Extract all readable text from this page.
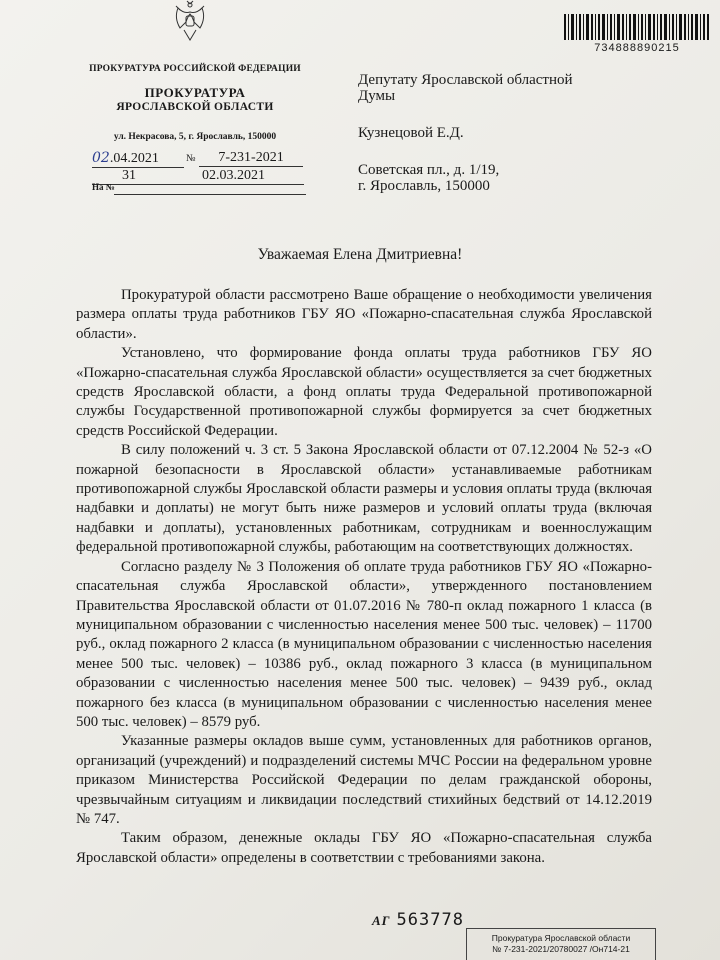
734888890215
ПРОКУРАТУРА РОССИЙСКОЙ ФЕДЕРАЦИИ
ПРОКУРАТУРА
ЯРОСЛАВСКОЙ ОБЛАСТИ
ул. Некрасова, 5, г. Ярославль, 150000
02.04.2021	№ 7-231-2021
31	02.03.2021
На №
Депутату Ярославской областной
Думы
Кузнецовой Е.Д.
Советская пл., д. 1/19,
г. Ярославль, 150000
Уважаемая Елена Дмитриевна!

Прокуратурой области рассмотрено Ваше обращение о необходимости увеличения размера оплаты труда работников ГБУ ЯО «Пожарно-спасательная служба Ярославской области».

Установлено, что формирование фонда оплаты труда работников ГБУ ЯО «Пожарно-спасательная служба Ярославской области» осуществляется за счет бюджетных средств Ярославской области, а фонд оплаты труда Федеральной противопожарной службы Государственной противопожарной службы формируется за счет бюджетных средств Российской Федерации.

В силу положений ч. 3 ст. 5 Закона Ярославской области от 07.12.2004 № 52-з «О пожарной безопасности в Ярославской области» устанавливаемые работникам противопожарной службы Ярославской области размеры и условия оплаты труда (включая надбавки и доплаты) не могут быть ниже размеров и условий оплаты труда (включая надбавки и доплаты), установленных работникам, сотрудникам и военнослужащим федеральной противопожарной службы, работающим на соответствующих должностях.

Согласно разделу № 3 Положения об оплате труда работников ГБУ ЯО «Пожарно-спасательная служба Ярославской области», утвержденного постановлением Правительства Ярославской области от 01.07.2016 № 780-п оклад пожарного 1 класса (в муниципальном образовании с численностью населения менее 500 тыс. человек) – 11700 руб., оклад пожарного 2 класса (в муниципальном образовании с численностью населения менее 500 тыс. человек) – 10386 руб., оклад пожарного 3 класса (в муниципальном образовании с численностью населения менее 500 тыс. человек) – 9439 руб., оклад пожарного без класса (в муниципальном образовании с численностью населения менее 500 тыс. человек) – 8579 руб.

Указанные размеры окладов выше сумм, установленных для работников органов, организаций (учреждений) и подразделений системы МЧС России на федеральном уровне приказом Министерства Российской Федерации по делам гражданской обороны, чрезвычайным ситуациям и ликвидации последствий стихийных бедствий от 14.12.2019 № 747.

Таким образом, денежные оклады ГБУ ЯО «Пожарно-спасательная служба Ярославской области» определены в соответствии с требованиями закона.

АГ 563778
Прокуратура Ярославской области
№ 7-231-2021/20780027 /Он714-21
